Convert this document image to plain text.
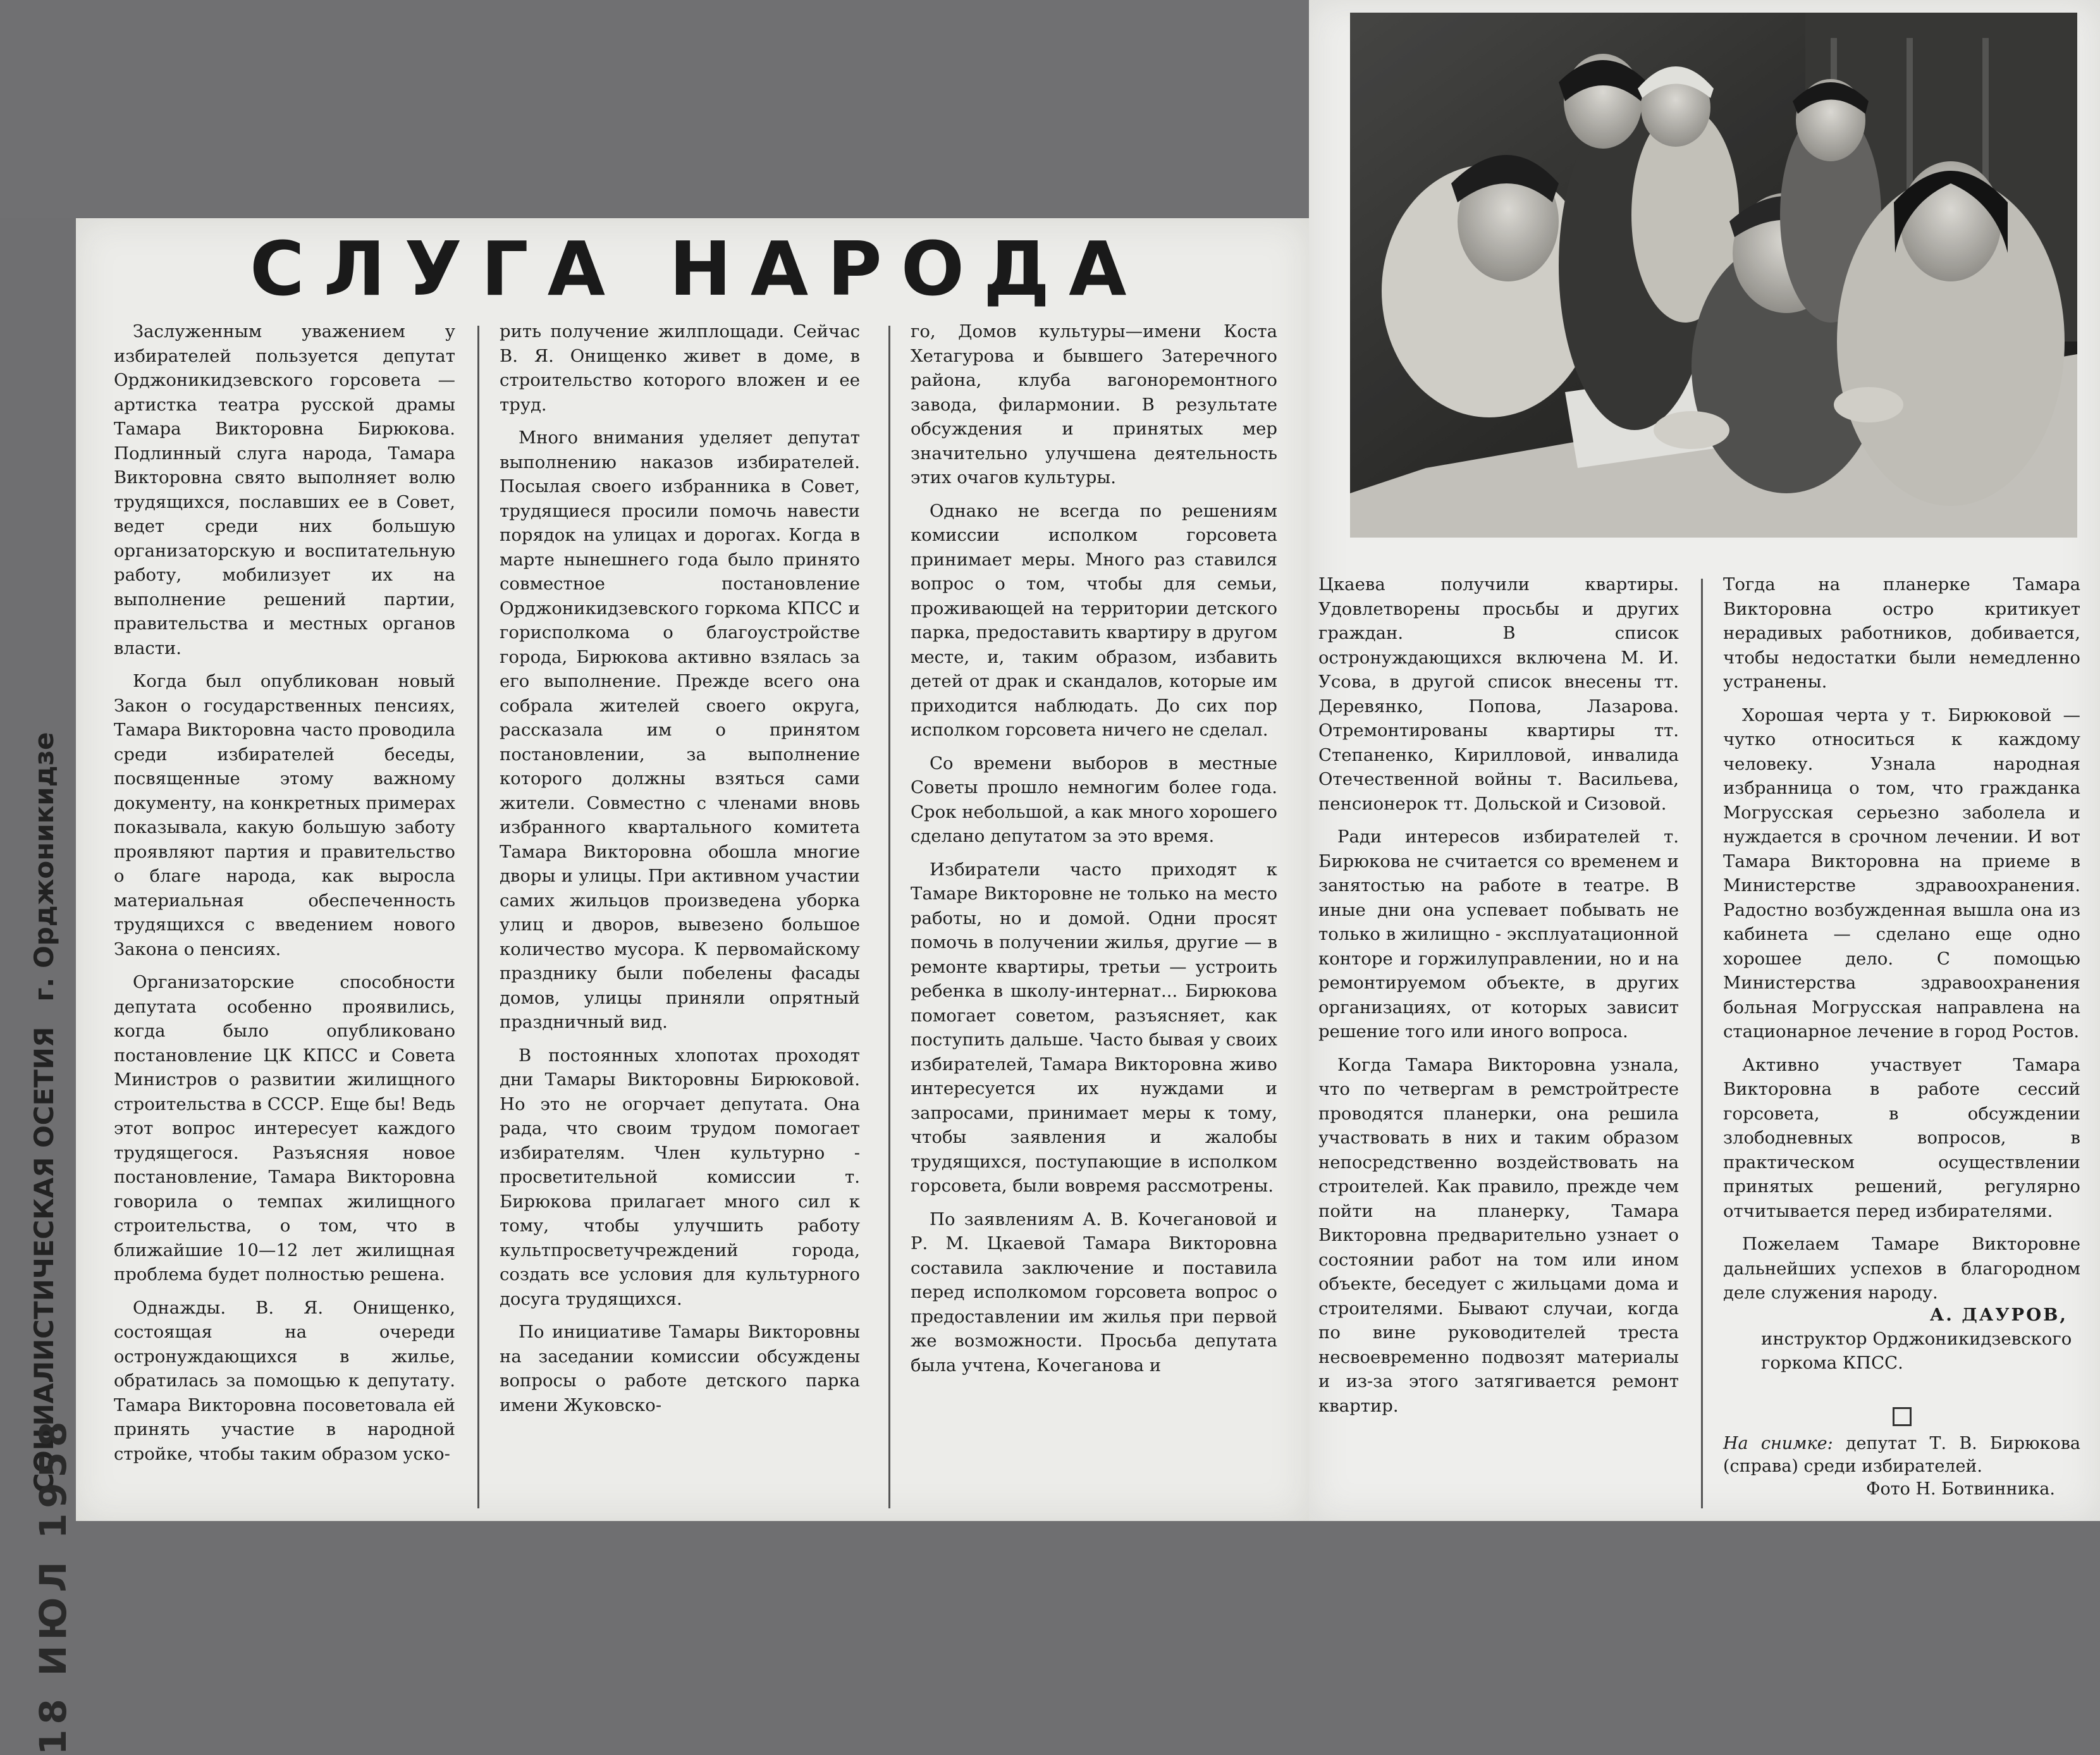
СОЦИАЛИСТИЧЕСКАЯ ОСЕТИЯ
г. Орджоникидзе
18 ИЮЛ 1958
СЛУГА НАРОДА

Заслуженным уважением у избирателей пользуется депутат Орджоникидзевского горсовета —артистка театра русской драмы Тамара Викторовна Бирюкова. Подлинный слуга народа, Тамара Викторовна свято выполняет волю трудящихся, пославших ее в Совет, ведет среди них большую организаторскую и воспитательную работу, мобилизует их на выполнение решений партии, правительства и местных органов власти.

Когда был опубликован новый Закон о государственных пенсиях, Тамара Викторовна часто проводила среди избирателей беседы, посвященные этому важному документу, на конкретных примерах показывала, какую большую заботу проявляют партия и правительство о благе народа, как выросла материальная обеспеченность трудящихся с введением нового Закона о пенсиях.

Организаторские способности депутата особенно проявились, когда было опубликовано постановление ЦК КПСС и Совета Министров о развитии жилищного строительства в СССР. Еще бы! Ведь этот вопрос интересует каждого трудящегося. Разъясняя новое постановление, Тамара Викторовна говорила о темпах жилищного строительства, о том, что в ближайшие 10—12 лет жилищная проблема будет полностью решена.

Однажды. В. Я. Онищенко, состоящая на очереди остронуждающихся в жилье, обратилась за помощью к депутату. Тамара Викторовна посоветовала ей принять участие в народной стройке, чтобы таким образом уско-

рить получение жилплощади. Сейчас В. Я. Онищенко живет в доме, в строительство которого вложен и ее труд.

Много внимания уделяет депутат выполнению наказов избирателей. Посылая своего избранника в Совет, трудящиеся просили помочь навести порядок на улицах и дорогах. Когда в марте нынешнего года было принято совместное постановление Орджоникидзевского горкома КПСС и горисполкома о благоустройстве города, Бирюкова активно взялась за его выполнение. Прежде всего она собрала жителей своего округа, рассказала им о принятом постановлении, за выполнение которого должны взяться сами жители. Совместно с членами вновь избранного квартального комитета Тамара Викторовна обошла многие дворы и улицы. При активном участии самих жильцов произведена уборка улиц и дворов, вывезено большое количество мусора. К первомайскому празднику были побелены фасады домов, улицы приняли опрятный праздничный вид.

В постоянных хлопотах проходят дни Тамары Викторовны Бирюковой. Но это не огорчает депутата. Она рада, что своим трудом помогает избирателям. Член культурно - просветительной комиссии т. Бирюкова прилагает много сил к тому, чтобы улучшить работу культпросветучреждений города, создать все условия для культурного досуга трудящихся.

По инициативе Тамары Викторовны на заседании комиссии обсуждены вопросы о работе детского парка имени Жуковско-

го, Домов культуры—имени Коста Хетагурова и бывшего Затеречного района, клуба вагоноремонтного завода, филармонии. В результате обсуждения и принятых мер значительно улучшена деятельность этих очагов культуры.

Однако не всегда по решениям комиссии исполком горсовета принимает меры. Много раз ставился вопрос о том, чтобы для семьи, проживающей на территории детского парка, предоставить квартиру в другом месте, и, таким образом, избавить детей от драк и скандалов, которые им приходится наблюдать. До сих пор исполком горсовета ничего не сделал.

Со времени выборов в местные Советы прошло немногим более года. Срок небольшой, а как много хорошего сделано депутатом за это время.

Избиратели часто приходят к Тамаре Викторовне не только на место работы, но и домой. Одни просят помочь в получении жилья, другие — в ремонте квартиры, третьи — устроить ребенка в школу-интернат... Бирюкова помогает советом, разъясняет, как поступить дальше. Часто бывая у своих избирателей, Тамара Викторовна живо интересуется их нуждами и запросами, принимает меры к тому, чтобы заявления и жалобы трудящихся, поступающие в исполком горсовета, были вовремя рассмотрены.

По заявлениям А. В. Кочегановой и Р. М. Цкаевой Тамара Викторовна составила заключение и поставила перед исполкомом горсовета вопрос о предоставлении им жилья при первой же возможности. Просьба депутата была учтена, Кочеганова и

Цкаева получили квартиры. Удовлетворены просьбы и других граждан. В список остронуждающихся включена М. И. Усова, в другой список внесены тт. Деревянко, Попова, Лазарова. Отремонтированы квартиры тт. Степаненко, Кирилловой, инвалида Отечественной войны т. Васильева, пенсионерок тт. Дольской и Сизовой.

Ради интересов избирателей т. Бирюкова не считается со временем и занятостью на работе в театре. В иные дни она успевает побывать не только в жилищно - эксплуатационной конторе и горжилуправлении, но и на ремонтируемом объекте, в других организациях, от которых зависит решение того или иного вопроса.

Когда Тамара Викторовна узнала, что по четвергам в ремстройтресте проводятся планерки, она решила участвовать в них и таким образом непосредственно воздействовать на строителей. Как правило, прежде чем пойти на планерку, Тамара Викторовна предварительно узнает о состоянии работ на том или ином объекте, беседует с жильцами дома и строителями. Бывают случаи, когда по вине руководителей треста несвоевременно подвозят материалы и из-за этого затягивается ремонт квартир.

Тогда на планерке Тамара Викторовна остро критикует нерадивых работников, добивается, чтобы недостатки были немедленно устранены.

Хорошая черта у т. Бирюковой —чутко относиться к каждому человеку. Узнала народная избранница о том, что гражданка Могрусская серьезно заболела и нуждается в срочном лечении. И вот Тамара Викторовна на приеме в Министерстве здравоохранения. Радостно возбужденная вышла она из кабинета — сделано еще одно хорошее дело. С помощью Министерства здравоохранения больная Могрусская направлена на стационарное лечение в город Ростов.

Активно участвует Тамара Викторовна в работе сессий горсовета, в обсуждении злободневных вопросов, в практическом осуществлении принятых решений, регулярно отчитывается перед избирателями.

Пожелаем Тамаре Викторовне дальнейших успехов в благородном деле служения народу.

А. ДАУРОВ,
инструктор Орджоникидзевского горкома КПСС.
На снимке: депутат Т. В. Бирюкова (справа) среди избирателей.
Фото Н. Ботвинника.
